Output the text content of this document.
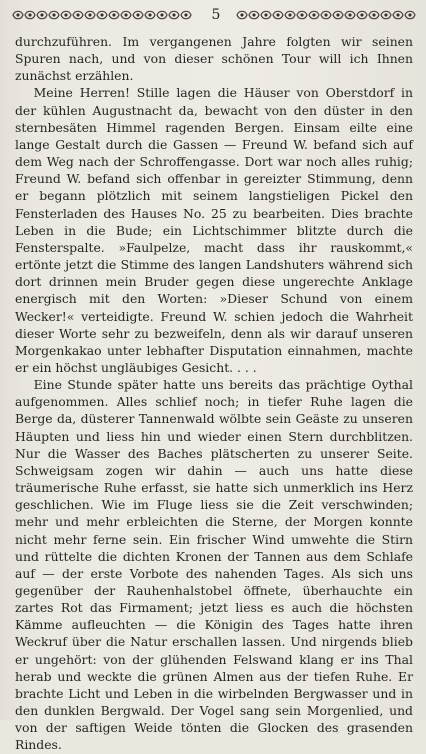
5

durchzuführen. Im vergangenen Jahre folgten wir seinen Spuren nach, und von dieser schönen Tour will ich Ihnen zunächst erzählen.

Meine Herren! Stille lagen die Häuser von Oberstdorf in der kühlen Augustnacht da, bewacht von den düster in den sternbesäten Himmel ragenden Bergen. Einsam eilte eine lange Gestalt durch die Gassen — Freund W. befand sich auf dem Weg nach der Schroffengasse. Dort war noch alles ruhig; Freund W. befand sich offenbar in gereizter Stimmung, denn er begann plötzlich mit seinem langstieligen Pickel den Fensterladen des Hauses No. 25 zu bearbeiten. Dies brachte Leben in die Bude; ein Lichtschimmer blitzte durch die Fensterspalte. »Faulpelze, macht dass ihr rauskommt,« ertönte jetzt die Stimme des langen Landshuters während sich dort drinnen mein Bruder gegen diese ungerechte Anklage energisch mit den Worten: »Dieser Schund von einem Wecker!« verteidigte. Freund W. schien jedoch die Wahrheit dieser Worte sehr zu bezweifeln, denn als wir darauf unseren Morgenkakao unter lebhafter Disputation einnahmen, machte er ein höchst ungläubiges Gesicht. . . .

Eine Stunde später hatte uns bereits das prächtige Oythal aufgenommen. Alles schlief noch; in tiefer Ruhe lagen die Berge da, düsterer Tannenwald wölbte sein Geäste zu unseren Häupten und liess hin und wieder einen Stern durchblitzen. Nur die Wasser des Baches plätscherten zu unserer Seite. Schweigsam zogen wir dahin — auch uns hatte diese träumerische Ruhe erfasst, sie hatte sich unmerklich ins Herz geschlichen. Wie im Fluge liess sie die Zeit verschwinden; mehr und mehr erbleichten die Sterne, der Morgen konnte nicht mehr ferne sein. Ein frischer Wind umwehte die Stirn und rüttelte die dichten Kronen der Tannen aus dem Schlafe auf — der erste Vorbote des nahenden Tages. Als sich uns gegenüber der Rauhenhalstobel öffnete, überhauchte ein zartes Rot das Firmament; jetzt liess es auch die höchsten Kämme aufleuchten — die Königin des Tages hatte ihren Weckruf über die Natur erschallen lassen. Und nirgends blieb er ungehört: von der glühenden Felswand klang er ins Thal herab und weckte die grünen Almen aus der tiefen Ruhe. Er brachte Licht und Leben in die wirbelnden Bergwasser und in den dunklen Bergwald. Der Vogel sang sein Morgenlied, und von der saftigen Weide tönten die Glocken des grasenden Rindes.
